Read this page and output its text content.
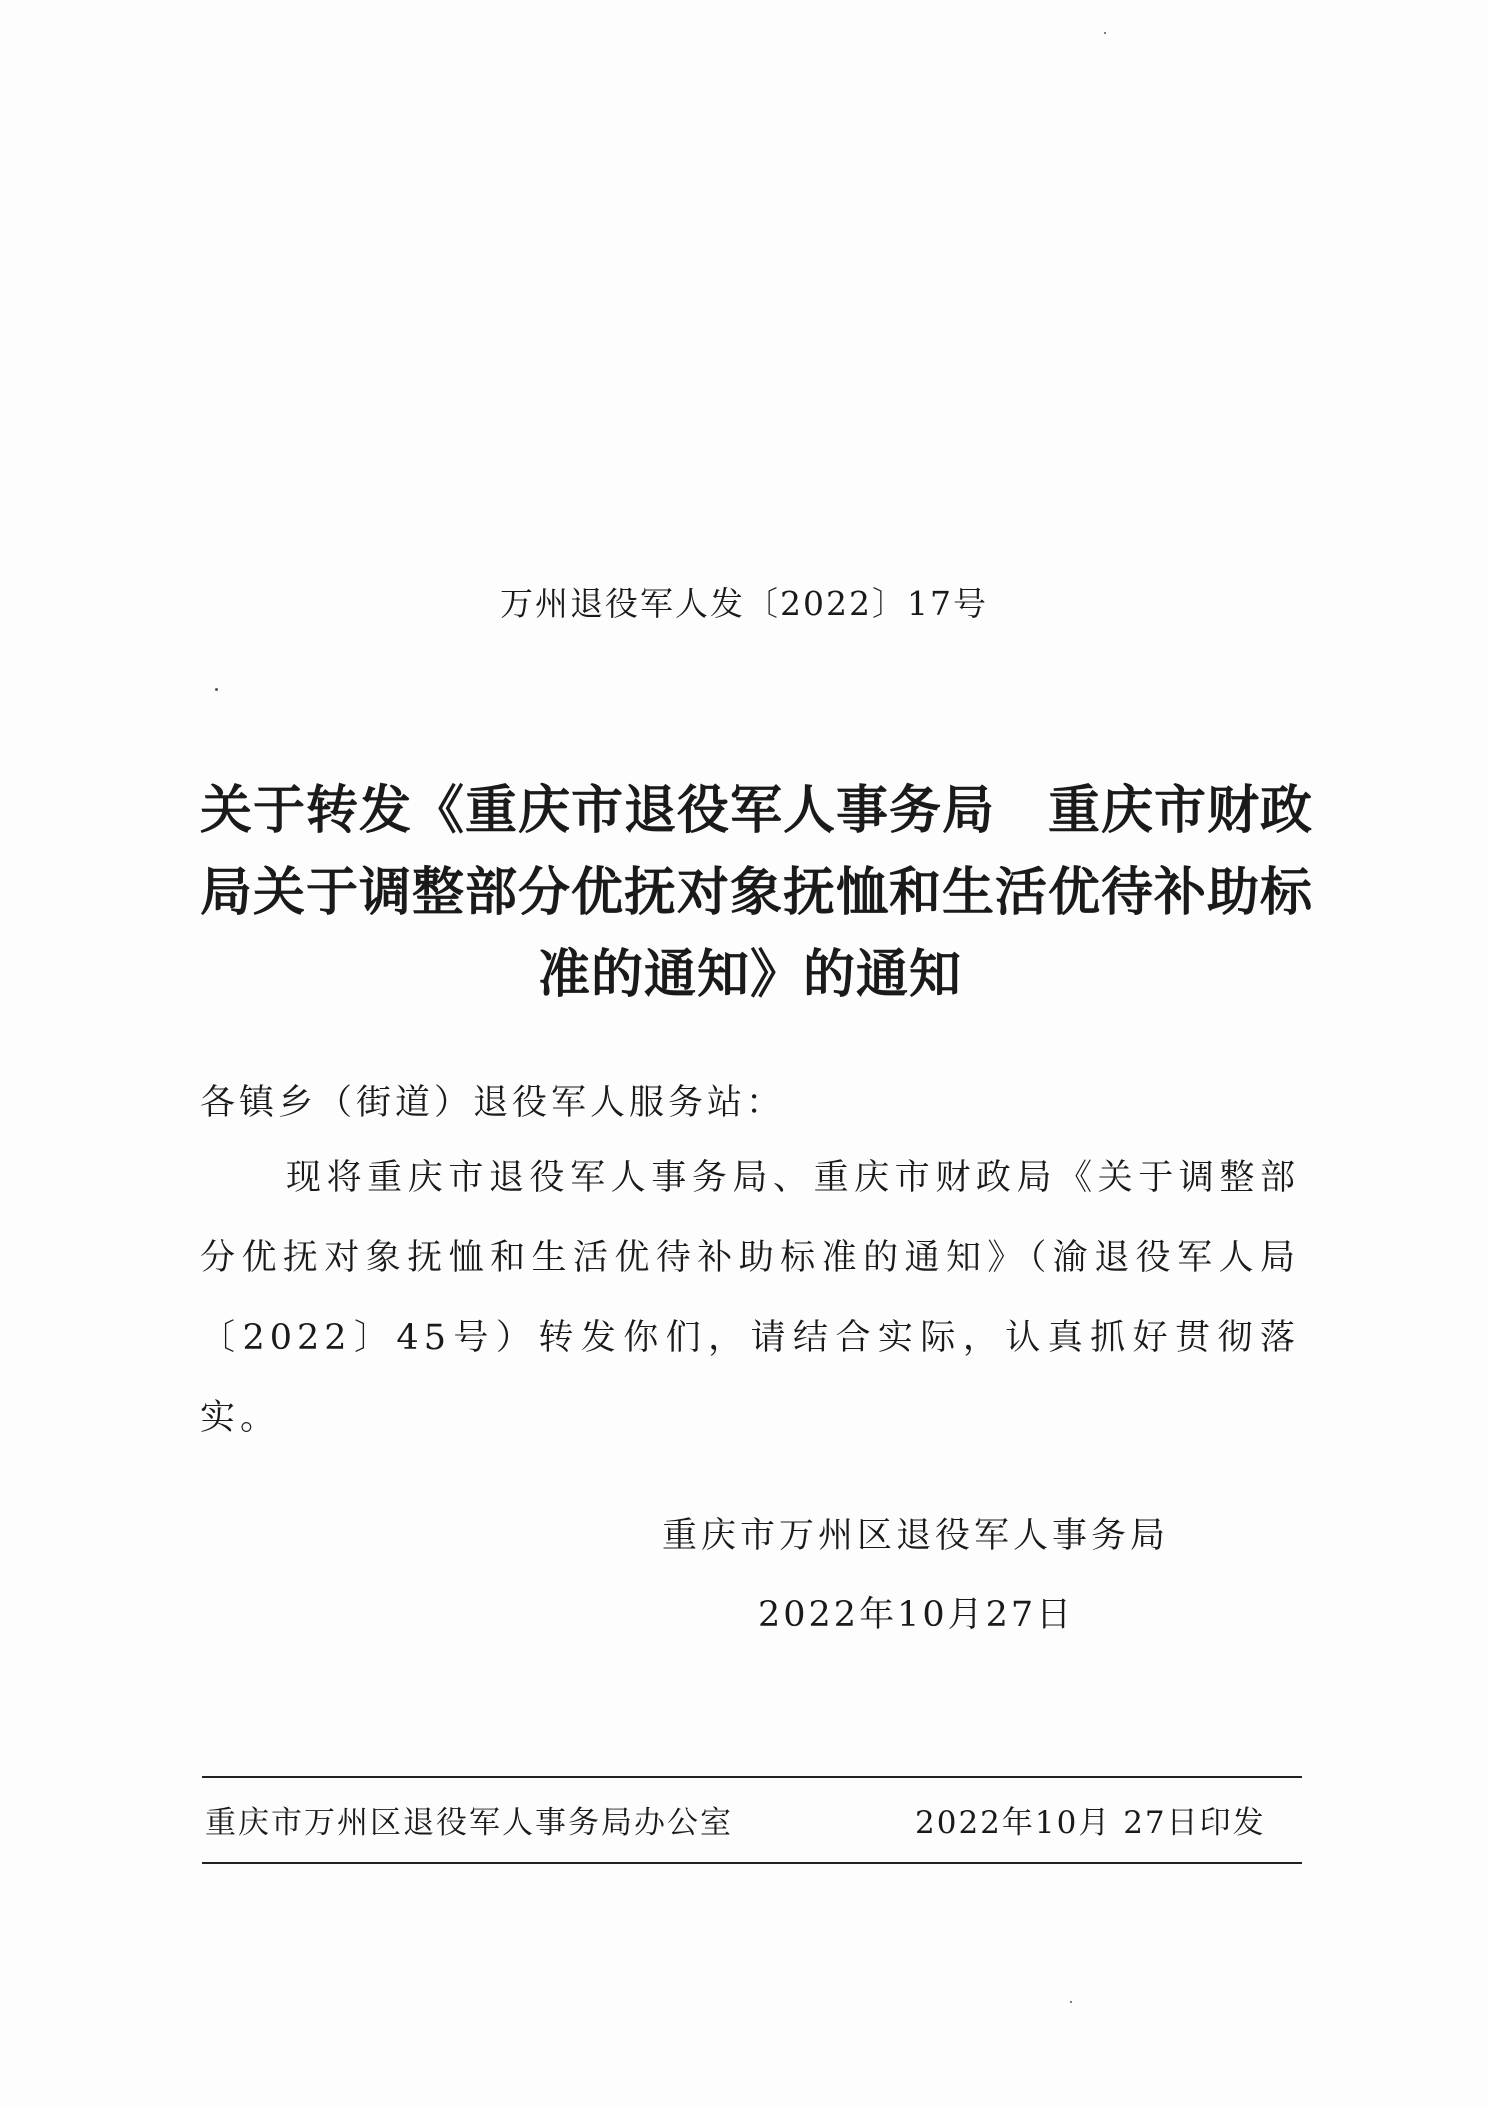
万州退役军人发〔2022〕17号
关于转发《重庆市退役军人事务局　重庆市财政
局关于调整部分优抚对象抚恤和生活优待补助标
准的通知》的通知
各镇乡（街道）退役军人服务站：
现将重庆市退役军人事务局、重庆市财政局《关于调整部分优抚对象抚恤和生活优待补助标准的通知》（渝退役军人局〔2022〕45号）转发你们，请结合实际，认真抓好贯彻落实。
重庆市万州区退役军人事务局
2022年10月27日
重庆市万州区退役军人事务局办公室	2022年10月 27日印发
